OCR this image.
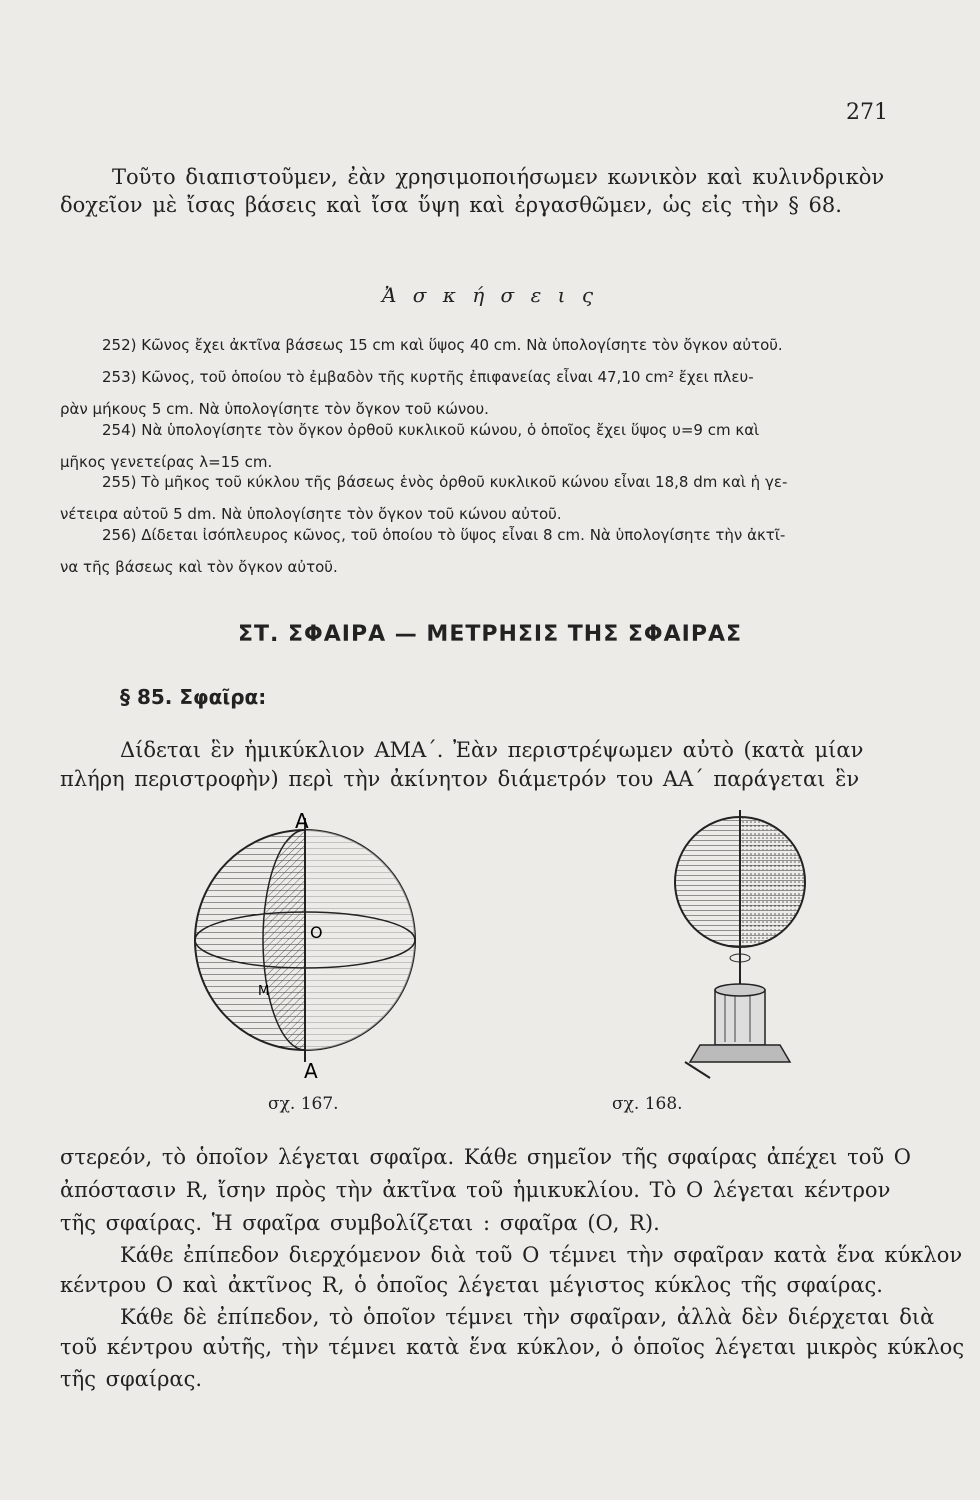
271
Τοῦτο διαπιστοῦμεν, ἐὰν χρησιμοποιήσωμεν κωνικὸν καὶ κυλινδρικὸν
δοχεῖον μὲ ἴσας βάσεις καὶ ἴσα ὕψη καὶ ἐργασθῶμεν, ὡς εἰς τὴν § 68.
Ἀ σ κ ή σ ε ι ς
252) Κῶνος ἔχει ἀκτῖνα βάσεως 15 cm καὶ ὕψος 40 cm. Νὰ ὑπολογίσητε τὸν ὄγκον αὐτοῦ.
253) Κῶνος, τοῦ ὁποίου τὸ ἐμβαδὸν τῆς κυρτῆς ἐπιφανείας εἶναι 47,10 cm² ἔχει πλευ-
ρὰν μήκους 5 cm. Νὰ ὑπολογίσητε τὸν ὄγκον τοῦ κώνου.
254) Νὰ ὑπολογίσητε τὸν ὄγκον ὀρθοῦ κυκλικοῦ κώνου, ὁ ὁποῖος ἔχει ὕψος υ=9 cm καὶ
μῆκος γενετείρας λ=15 cm.
255) Τὸ μῆκος τοῦ κύκλου τῆς βάσεως ἑνὸς ὀρθοῦ κυκλικοῦ κώνου εἶναι 18,8 dm καὶ ἡ γε-
νέτειρα αὐτοῦ 5 dm. Νὰ ὑπολογίσητε τὸν ὄγκον τοῦ κώνου αὐτοῦ.
256) Δίδεται ἰσόπλευρος κῶνος, τοῦ ὁποίου τὸ ὕψος εἶναι 8 cm. Νὰ ὑπολογίσητε τὴν ἀκτῖ-
να τῆς βάσεως καὶ τὸν ὄγκον αὐτοῦ.
ΣΤ. ΣΦΑΙΡΑ — ΜΕΤΡΗΣΙΣ ΤΗΣ ΣΦΑΙΡΑΣ
§ 85. Σφαῖρα:
Δίδεται ἓν ἡμικύκλιον ΑΜΑ΄. Ἐὰν περιστρέψωμεν αὐτὸ (κατὰ μίαν
πλήρη περιστροφὴν) περὶ τὴν ἀκίνητον διάμετρόν του ΑΑ΄ παράγεται ἓν
Α
Ο
Μ
Α
σχ. 167.	σχ. 168.
στερεόν, τὸ ὁποῖον λέγεται σφαῖρα. Κάθε σημεῖον τῆς σφαίρας ἀπέχει τοῦ Ο
ἀπόστασιν R, ἴσην πρὸς τὴν ἀκτῖνα τοῦ ἡμικυκλίου. Τὸ Ο λέγεται κέντρον
τῆς σφαίρας. Ἡ σφαῖρα συμβολίζεται : σφαῖρα (Ο, R).
Κάθε ἐπίπεδον διερχόμενον διὰ τοῦ Ο τέμνει τὴν σφαῖραν κατὰ ἕνα κύκλον
κέντρου Ο καὶ ἀκτῖνος R, ὁ ὁποῖος λέγεται μέγιστος κύκλος τῆς σφαίρας.
Κάθε δὲ ἐπίπεδον, τὸ ὁποῖον τέμνει τὴν σφαῖραν, ἀλλὰ δὲν διέρχεται διὰ
τοῦ κέντρου αὐτῆς, τὴν τέμνει κατὰ ἕνα κύκλον, ὁ ὁποῖος λέγεται μικρὸς κύκλος
τῆς σφαίρας.
